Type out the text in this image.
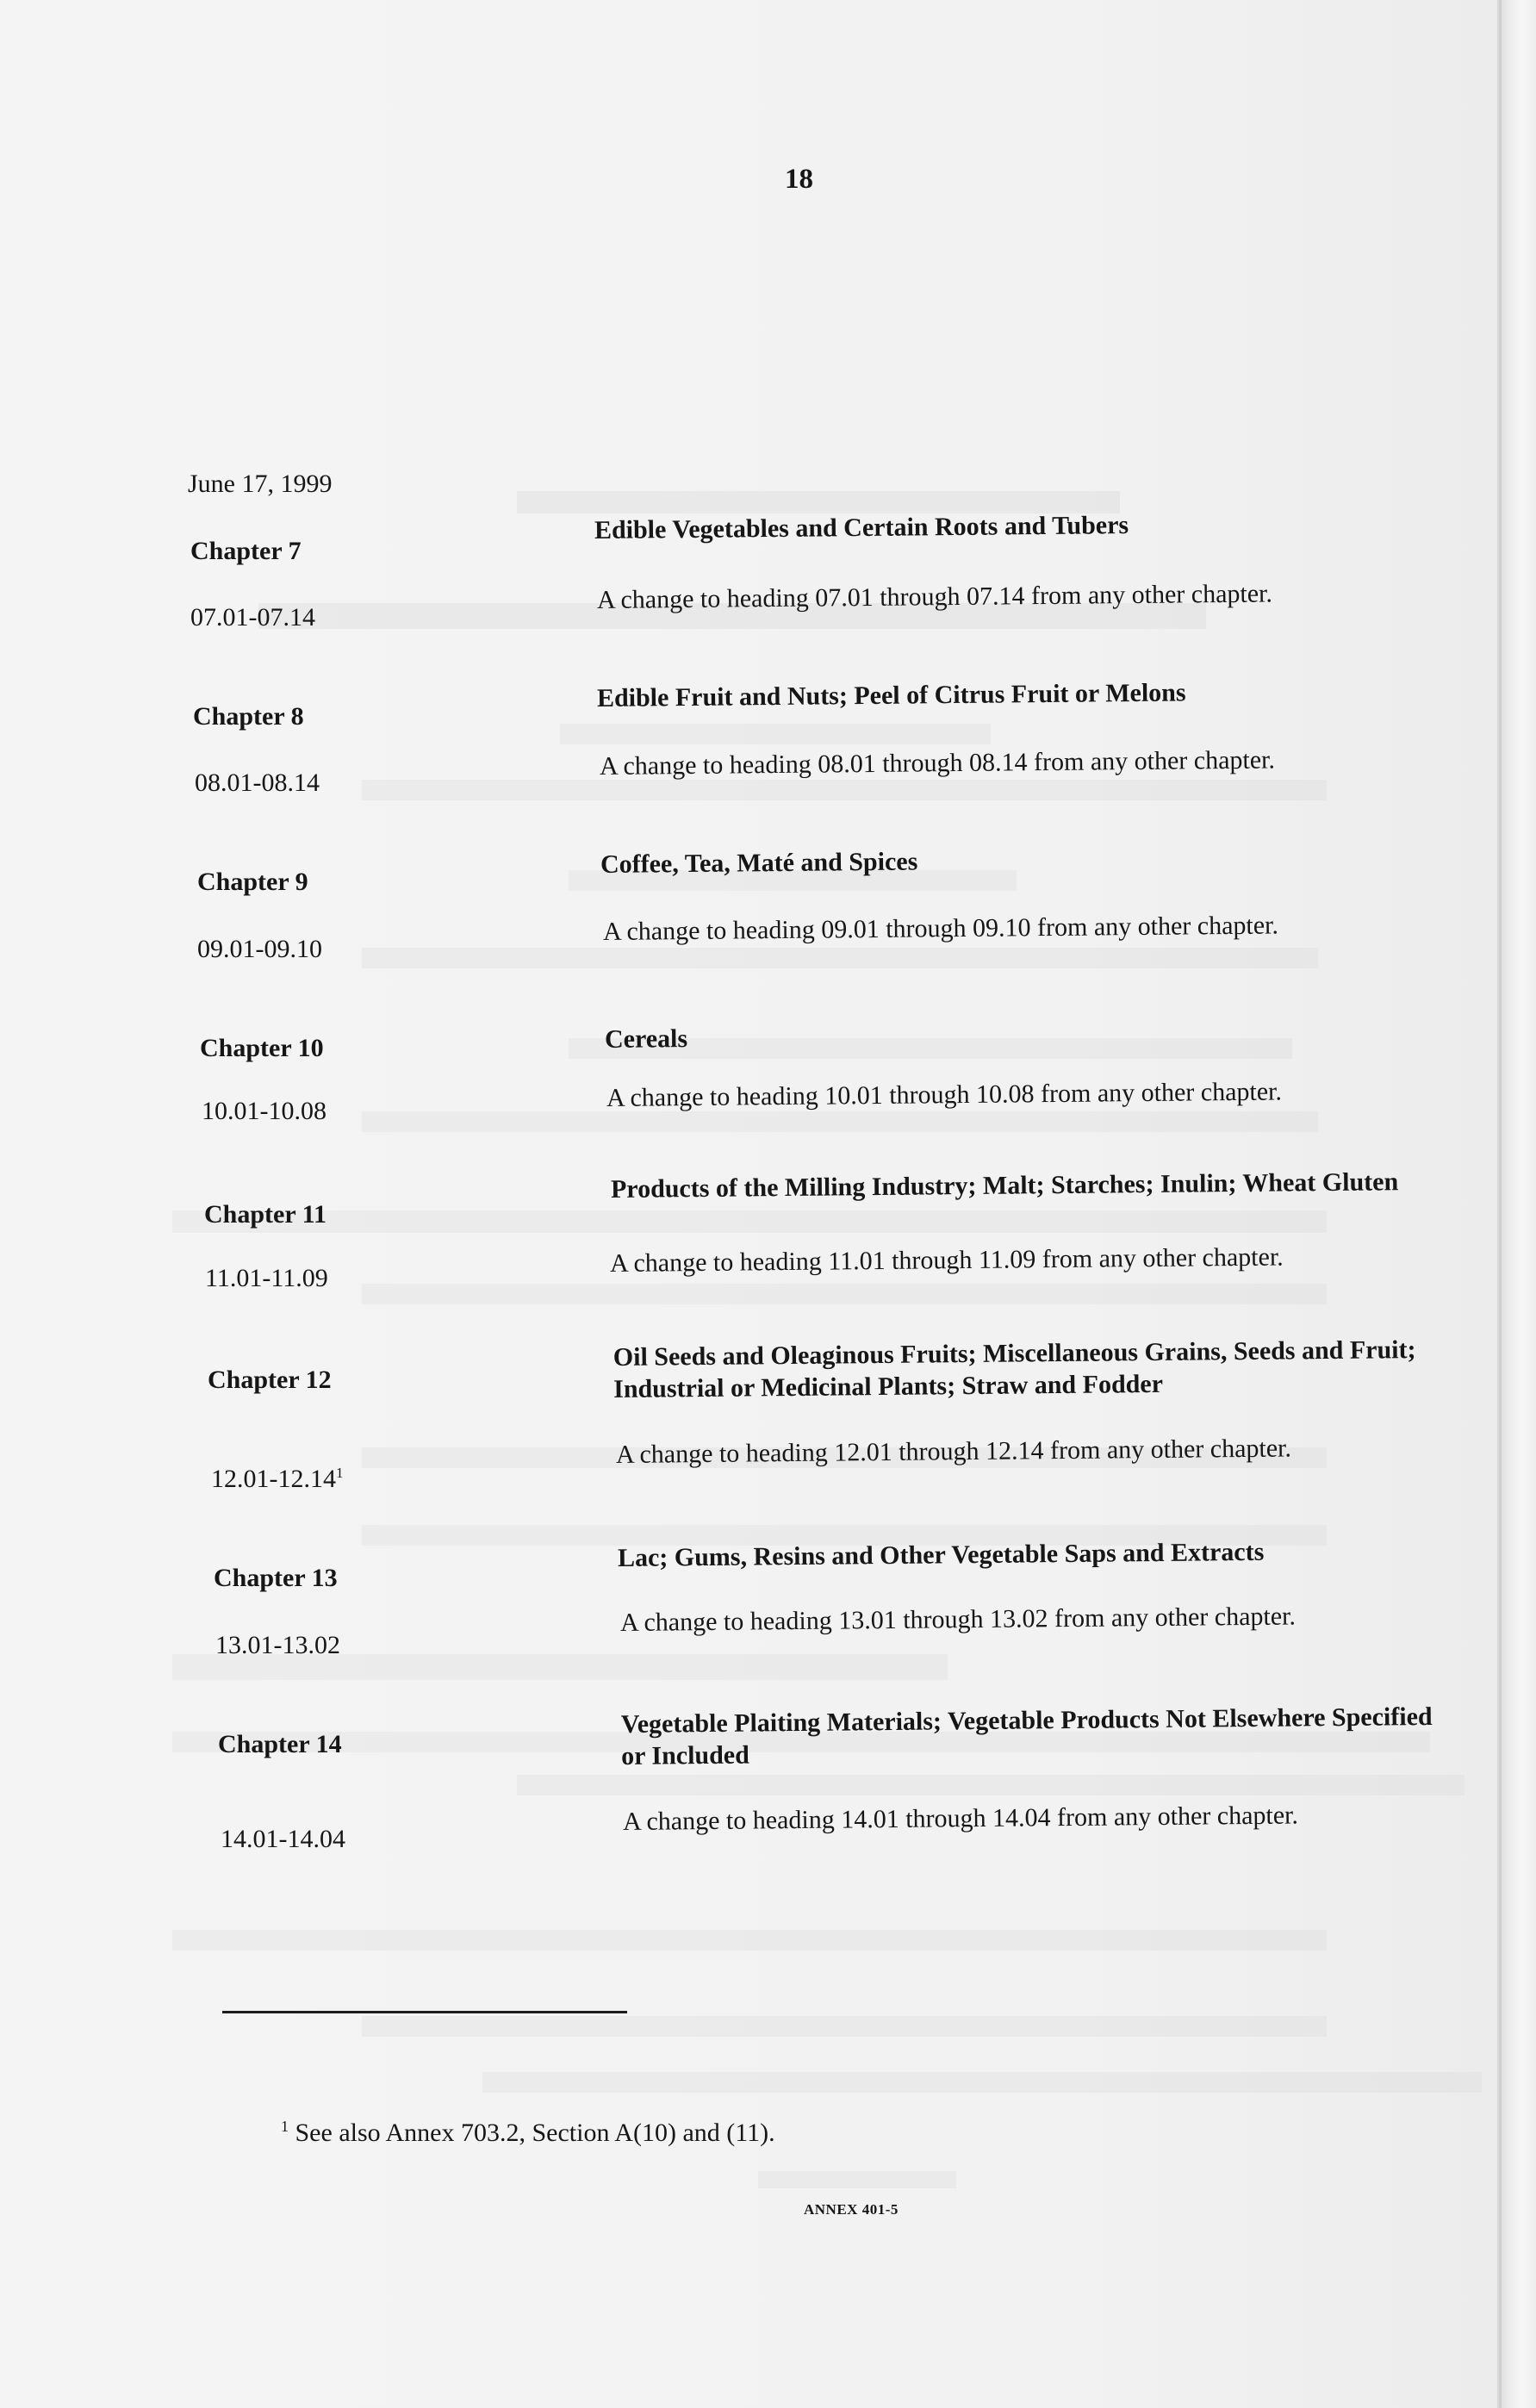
18
June 17, 1999
Chapter 7
Edible Vegetables and Certain Roots and Tubers
07.01-07.14
A change to heading 07.01 through 07.14 from any other chapter.
Chapter 8
Edible Fruit and Nuts; Peel of Citrus Fruit or Melons
08.01-08.14
A change to heading 08.01 through 08.14 from any other chapter.
Chapter 9
Coffee, Tea, Maté and Spices
09.01-09.10
A change to heading 09.01 through 09.10 from any other chapter.
Chapter 10	Cereals
10.01-10.08	A change to heading 10.01 through 10.08 from any other chapter.
Chapter 11
Products of the Milling Industry; Malt; Starches; Inulin; Wheat Gluten
11.01-11.09
A change to heading 11.01 through 11.09 from any other chapter.
Chapter 12
Oil Seeds and Oleaginous Fruits; Miscellaneous Grains, Seeds and Fruit; Industrial or Medicinal Plants; Straw and Fodder
12.01-12.14$^1$
A change to heading 12.01 through 12.14 from any other chapter.
Chapter 13
Lac; Gums, Resins and Other Vegetable Saps and Extracts
13.01-13.02
A change to heading 13.01 through 13.02 from any other chapter.
Chapter 14
Vegetable Plaiting Materials; Vegetable Products Not Elsewhere Specified or Included
14.01-14.04
A change to heading 14.01 through 14.04 from any other chapter.
$^1$ See also Annex 703.2, Section A(10) and (11).
ANNEX 401-5
